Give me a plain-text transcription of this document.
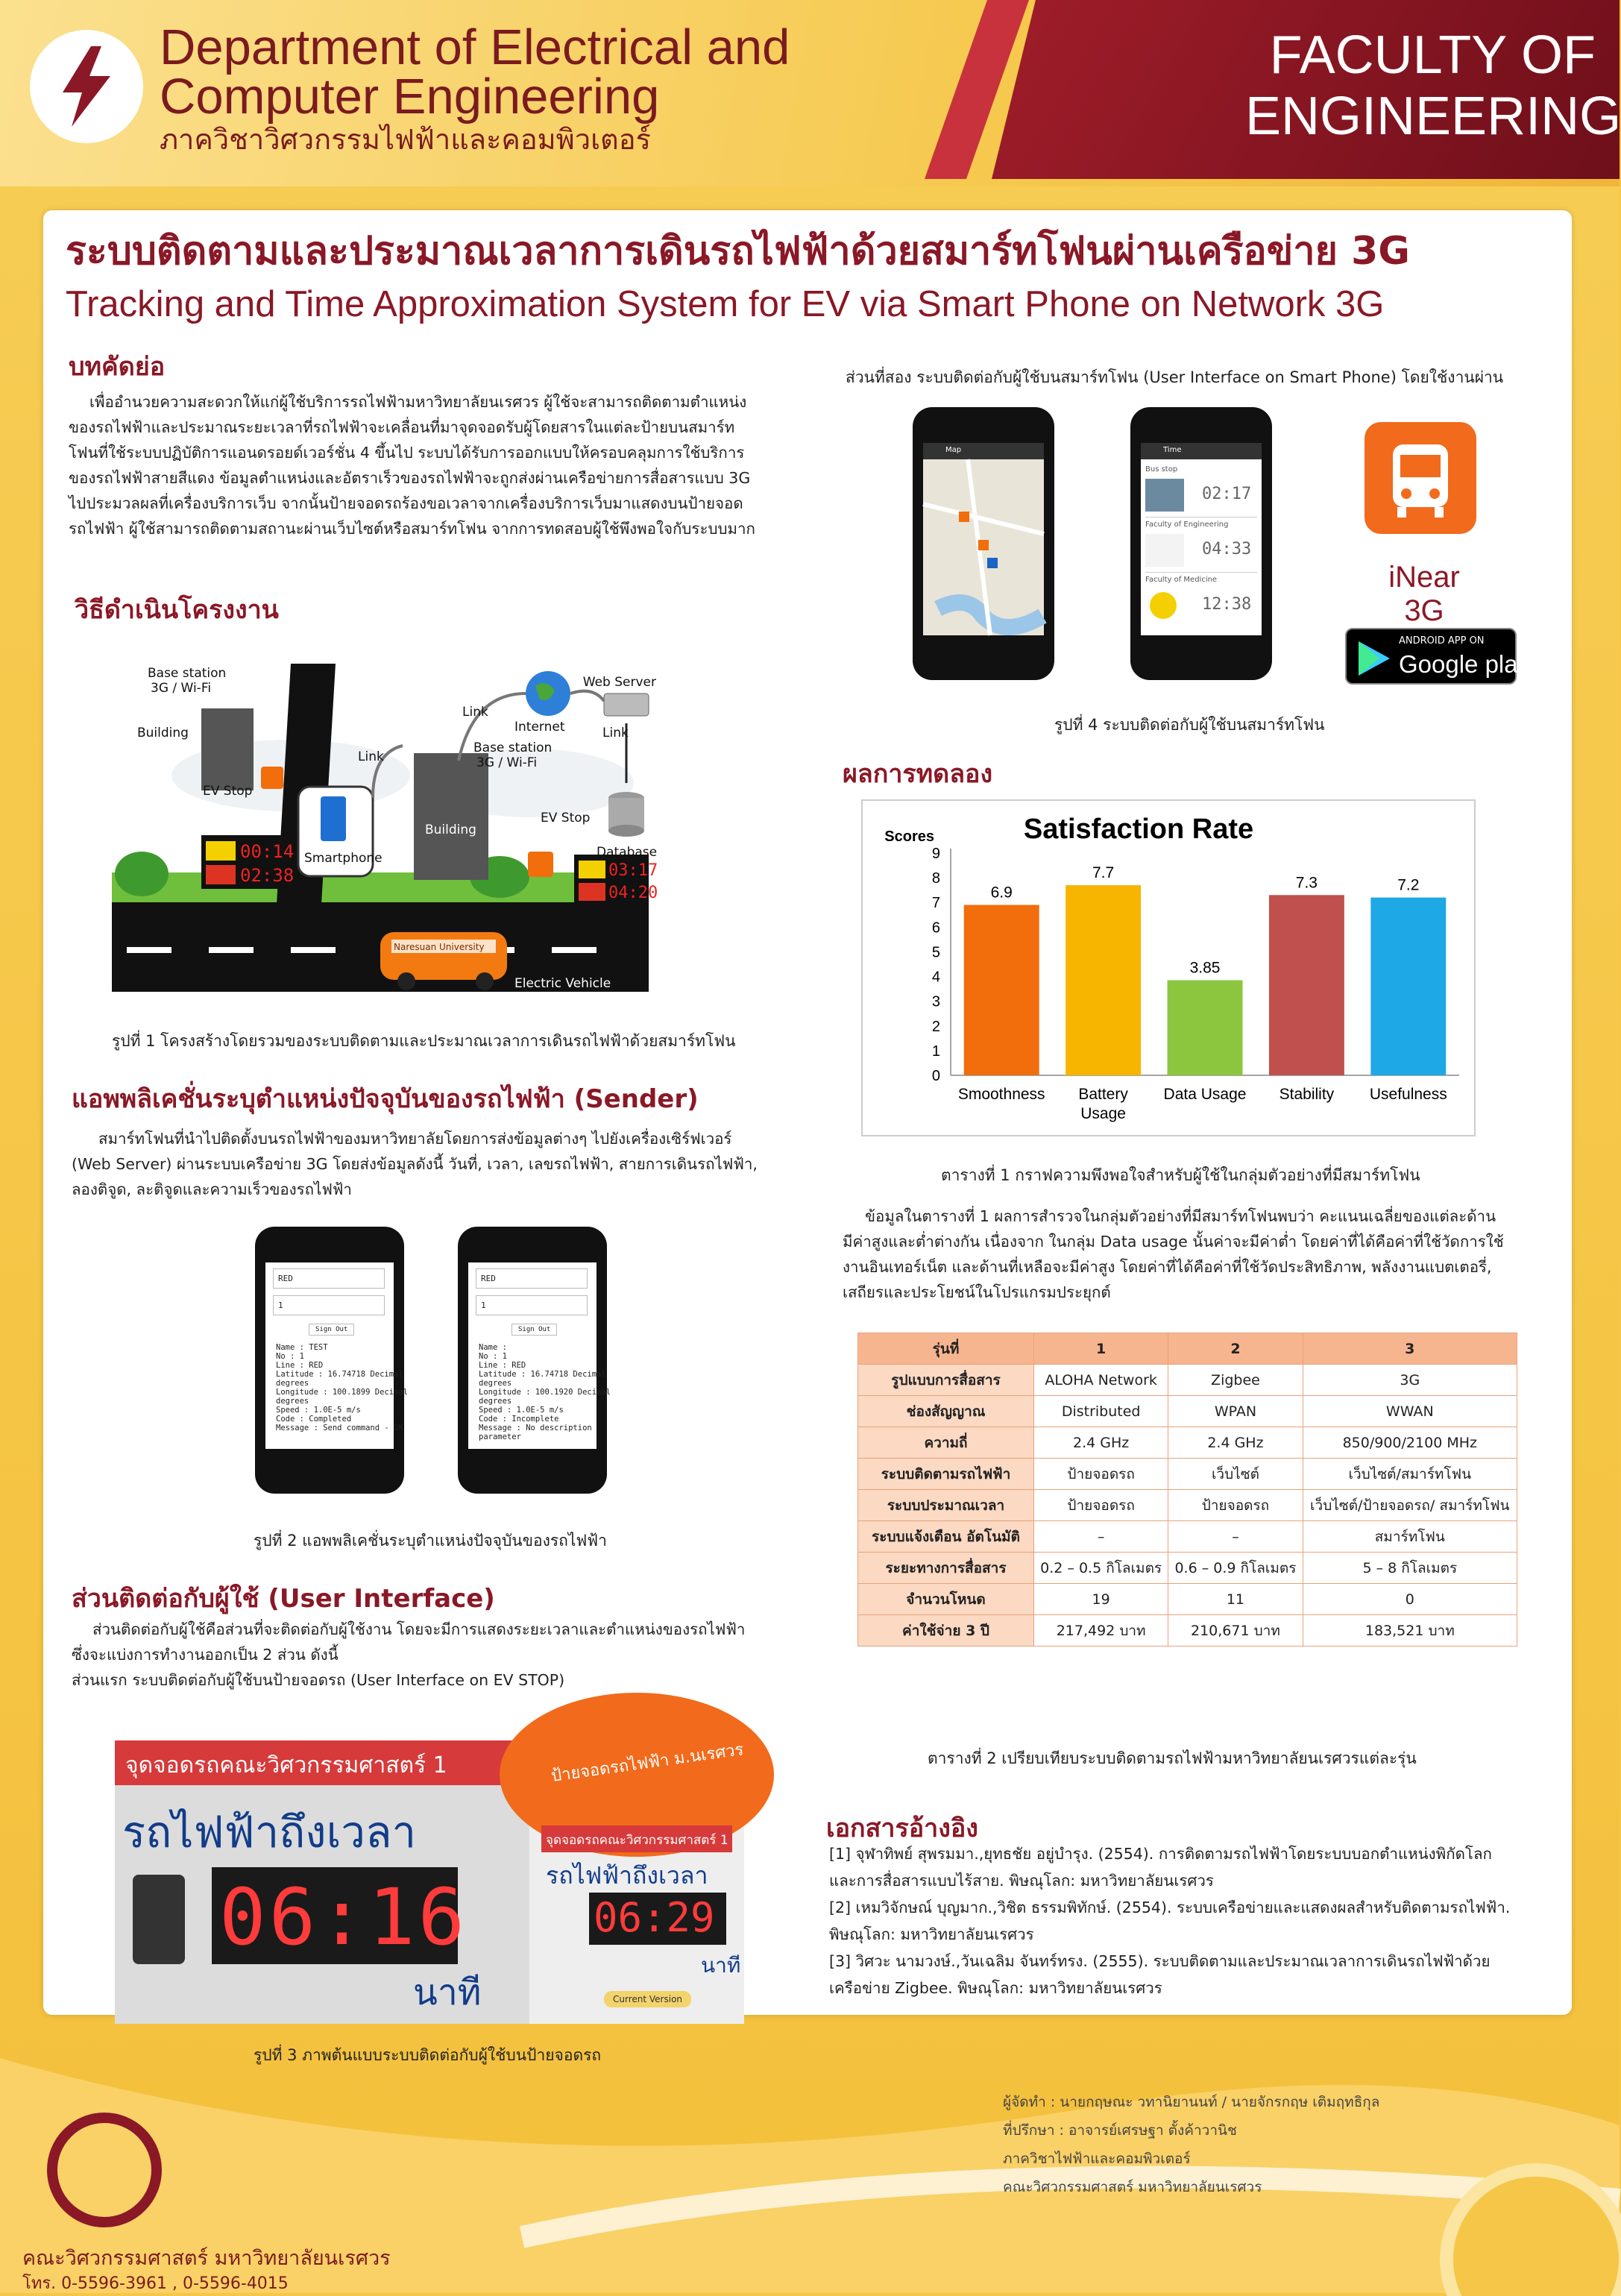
Department of Electrical and
Computer Engineering
ภาควิชาวิศวกรรมไฟฟ้าและคอมพิวเตอร์
FACULTY OF
ENGINEERING
ระบบติดตามและประมาณเวลาการเดินรถไฟฟ้าด้วยสมาร์ทโฟนผ่านเครือข่าย 3G
Tracking and Time Approximation System for EV via Smart Phone on Network 3G
บทคัดย่อ
เพื่ออำนวยความสะดวกให้แก่ผู้ใช้บริการรถไฟฟ้ามหาวิทยาลัยนเรศวร ผู้ใช้จะสามารถติดตามตำแหน่ง
ของรถไฟฟ้าและประมาณระยะเวลาที่รถไฟฟ้าจะเคลื่อนที่มาจุดจอดรับผู้โดยสารในแต่ละป้ายบนสมาร์ท
โฟนที่ใช้ระบบปฏิบัติการแอนดรอยด์เวอร์ชั่น 4 ขึ้นไป ระบบได้รับการออกแบบให้ครอบคลุมการใช้บริการ
ของรถไฟฟ้าสายสีแดง ข้อมูลตำแหน่งและอัตราเร็วของรถไฟฟ้าจะถูกส่งผ่านเครือข่ายการสื่อสารแบบ 3G
ไปประมวลผลที่เครื่องบริการเว็บ จากนั้นป้ายจอดรถร้องขอเวลาจากเครื่องบริการเว็บมาแสดงบนป้ายจอด
รถไฟฟ้า ผู้ใช้สามารถติดตามสถานะผ่านเว็บไซต์หรือสมาร์ทโฟน จากการทดสอบผู้ใช้พึงพอใจกับระบบมาก
วิธีดำเนินโครงงาน
Base station
3G / Wi-Fi
Building
EV Stop
Link
Link
Link
Internet
Web Server
Base station
3G / Wi-Fi
Building
EV Stop
Smartphone	Database
Electric Vehicle
Naresuan University
00:14
02:38	03:17
04:20
รูปที่ 1 โครงสร้างโดยรวมของระบบติดตามและประมาณเวลาการเดินรถไฟฟ้าด้วยสมาร์ทโฟน
แอพพลิเคชั่นระบุตำแหน่งปัจจุบันของรถไฟฟ้า (Sender)
สมาร์ทโฟนที่นำไปติดตั้งบนรถไฟฟ้าของมหาวิทยาลัยโดยการส่งข้อมูลต่างๆ ไปยังเครื่องเซิร์ฟเวอร์
(Web Server) ผ่านระบบเครือข่าย 3G โดยส่งข้อมูลดังนี้ วันที่, เวลา, เลขรถไฟฟ้า, สายการเดินรถไฟฟ้า,
ลองติจูด, ละติจูดและความเร็วของรถไฟฟ้า
RED
1
Sign Out
Name : TEST
No : 1
Line : RED
Latitude : 16.74718 Decimal
degrees
Longitude : 100.1899 Decimal
degrees
Speed : 1.0E-5 m/s
Code : Completed
Message : Send command - OK
RED
1
Sign Out
Name :
No : 1
Line : RED
Latitude : 16.74718 Decimal
degrees
Longitude : 100.1920 Decimal
degrees
Speed : 1.0E-5 m/s
Code : Incomplete
Message : No description
parameter
รูปที่ 2 แอพพลิเคชั่นระบุตำแหน่งปัจจุบันของรถไฟฟ้า
ส่วนติดต่อกับผู้ใช้ (User Interface)
ส่วนติดต่อกับผู้ใช้คือส่วนที่จะติดต่อกับผู้ใช้งาน โดยจะมีการแสดงระยะเวลาและตำแหน่งของรถไฟฟ้า
ซึ่งจะแบ่งการทำงานออกเป็น 2 ส่วน ดังนี้
ส่วนแรก ระบบติดต่อกับผู้ใช้บนป้ายจอดรถ (User Interface on EV STOP)
จุดจอดรถคณะวิศวกรรมศาสตร์ 1
รถไฟฟ้าถึงเวลา
06:16
นาที
ป้ายจอดรถไฟฟ้า ม.นเรศวร
จุดจอดรถคณะวิศวกรรมศาสตร์ 1
รถไฟฟ้าถึงเวลา
06:29
นาที
Current Version
รูปที่ 3 ภาพต้นแบบระบบติดต่อกับผู้ใช้บนป้ายจอดรถ
ส่วนที่สอง ระบบติดต่อกับผู้ใช้บนสมาร์ทโฟน (User Interface on Smart Phone) โดยใช้งานผ่าน
Map	Time
Bus stop
02:17
Faculty of Engineering
04:33
Faculty of Medicine
12:38
iNear 3G
ANDROID APP ON
Google play
รูปที่ 4 ระบบติดต่อกับผู้ใช้บนสมาร์ทโฟน
ผลการทดลอง
Satisfaction Rate
Scores
0
1
2
3
4
5
6
7
8
9
6.9
Smoothness
7.7
Battery
Usage
3.85
Data Usage
7.3
Stability
7.2
Usefulness
ตารางที่ 1 กราฟความพึงพอใจสำหรับผู้ใช้ในกลุ่มตัวอย่างที่มีสมาร์ทโฟน
ข้อมูลในตารางที่ 1 ผลการสำรวจในกลุ่มตัวอย่างที่มีสมาร์ทโฟนพบว่า คะแนนเฉลี่ยของแต่ละด้าน
มีค่าสูงและต่ำต่างกัน เนื่องจาก ในกลุ่ม Data usage นั้นค่าจะมีค่าต่ำ โดยค่าที่ได้คือค่าที่ใช้วัดการใช้
งานอินเทอร์เน็ต และด้านที่เหลือจะมีค่าสูง โดยค่าที่ได้คือค่าที่ใช้วัดประสิทธิภาพ, พลังงานแบตเตอรี่,
เสถียรและประโยชน์ในโปรแกรมประยุกต์
รุ่นที่	1	2	3
รูปแบบการสื่อสาร	ALOHA Network	Zigbee	3G
ช่องสัญญาณ	Distributed	WPAN	WWAN
ความถี่	2.4 GHz	2.4 GHz	850/900/2100 MHz
ระบบติดตามรถไฟฟ้า	ป้ายจอดรถ	เว็บไซต์	เว็บไซต์/สมาร์ทโฟน
ระบบประมาณเวลา	ป้ายจอดรถ	ป้ายจอดรถ	เว็บไซต์/ป้ายจอดรถ/ สมาร์ทโฟน
ระบบแจ้งเตือน อัตโนมัติ	–	–	สมาร์ทโฟน
ระยะทางการสื่อสาร	0.2 – 0.5 กิโลเมตร	0.6 – 0.9 กิโลเมตร	5 – 8 กิโลเมตร
จำนวนโหนด	19	11	0
ค่าใช้จ่าย 3 ปี	217,492 บาท	210,671 บาท	183,521 บาท
ตารางที่ 2 เปรียบเทียบระบบติดตามรถไฟฟ้ามหาวิทยาลัยนเรศวรแต่ละรุ่น
เอกสารอ้างอิง
[1] จุฬาทิพย์ สุพรมมา.,ยุทธชัย อยู่บำรุง. (2554). การติดตามรถไฟฟ้าโดยระบบบอกตำแหน่งพิกัดโลก
และการสื่อสารแบบไร้สาย. พิษณุโลก: มหาวิทยาลัยนเรศวร
[2] เหมวิจักษณ์ บุญมาก.,วิชิต ธรรมพิทักษ์. (2554). ระบบเครือข่ายและแสดงผลสำหรับติดตามรถไฟฟ้า.
พิษณุโลก: มหาวิทยาลัยนเรศวร
[3] วิศวะ นามวงษ์.,วันเฉลิม จันทร์ทรง. (2555). ระบบติดตามและประมาณเวลาการเดินรถไฟฟ้าด้วย
เครือข่าย Zigbee. พิษณุโลก: มหาวิทยาลัยนเรศวร
ผู้จัดทำ : นายกฤษณะ วทานิยานนท์ / นายจักรกฤษ เติมฤทธิกุล
ที่ปรึกษา : อาจารย์เศรษฐา ตั้งค้าวานิช
ภาควิชาไฟฟ้าและคอมพิวเตอร์
คณะวิศวกรรมศาสตร์ มหาวิทยาลัยนเรศวร
คณะวิศวกรรมศาสตร์ มหาวิทยาลัยนเรศวร
โทร. 0-5596-3961 , 0-5596-4015
